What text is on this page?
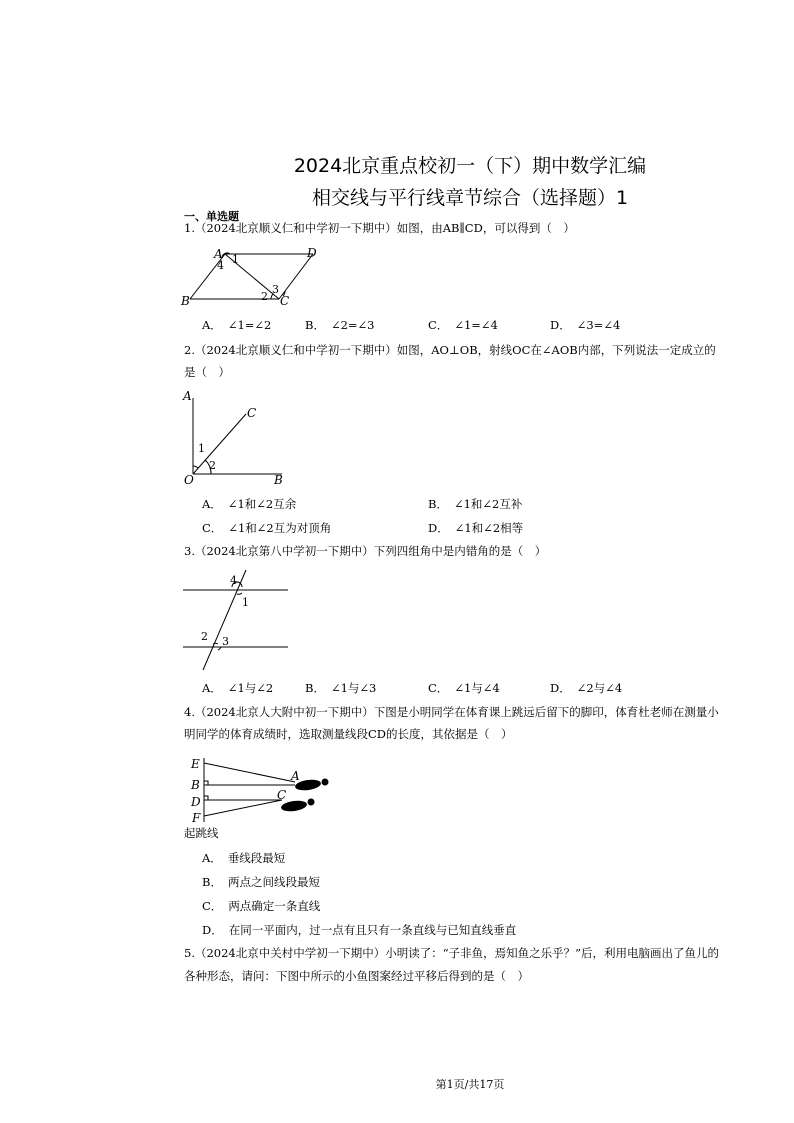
2024北京重点校初一（下）期中数学汇编
相交线与平行线章节综合（选择题）1
一、单选题
1.（2024北京顺义仁和中学初一下期中）如图，由AB∥CD，可以得到（　）
A	D
B	C
1
4
2
3
A． ∠1=∠2	B． ∠2=∠3	C． ∠1=∠4	D． ∠3=∠4
2.（2024北京顺义仁和中学初一下期中）如图，AO⊥OB，射线OC在∠AOB内部，下列说法一定成立的
是（　）
A
C
O	B
1
2
A． ∠1和∠2互余	B． ∠1和∠2互补
C． ∠1和∠2互为对顶角	D． ∠1和∠2相等
3.（2024北京第八中学初一下期中）下列四组角中是内错角的是（　）
4
1
2 3
A． ∠1与∠2	B． ∠1与∠3	C． ∠1与∠4	D． ∠2与∠4
4.（2024北京人大附中初一下期中）下图是小明同学在体育课上跳远后留下的脚印，体育杜老师在测量小
明同学的体育成绩时，选取测量线段CD的长度，其依据是（　）
E
B
D
F
A
C
起跳线
A． 垂线段最短
B． 两点之间线段最短
C． 两点确定一条直线
D． 在同一平面内，过一点有且只有一条直线与已知直线垂直
5.（2024北京中关村中学初一下期中）小明读了：“子非鱼，焉知鱼之乐乎？”后，利用电脑画出了鱼儿的
各种形态，请问：下图中所示的小鱼图案经过平移后得到的是（　）
第1页/共17页
